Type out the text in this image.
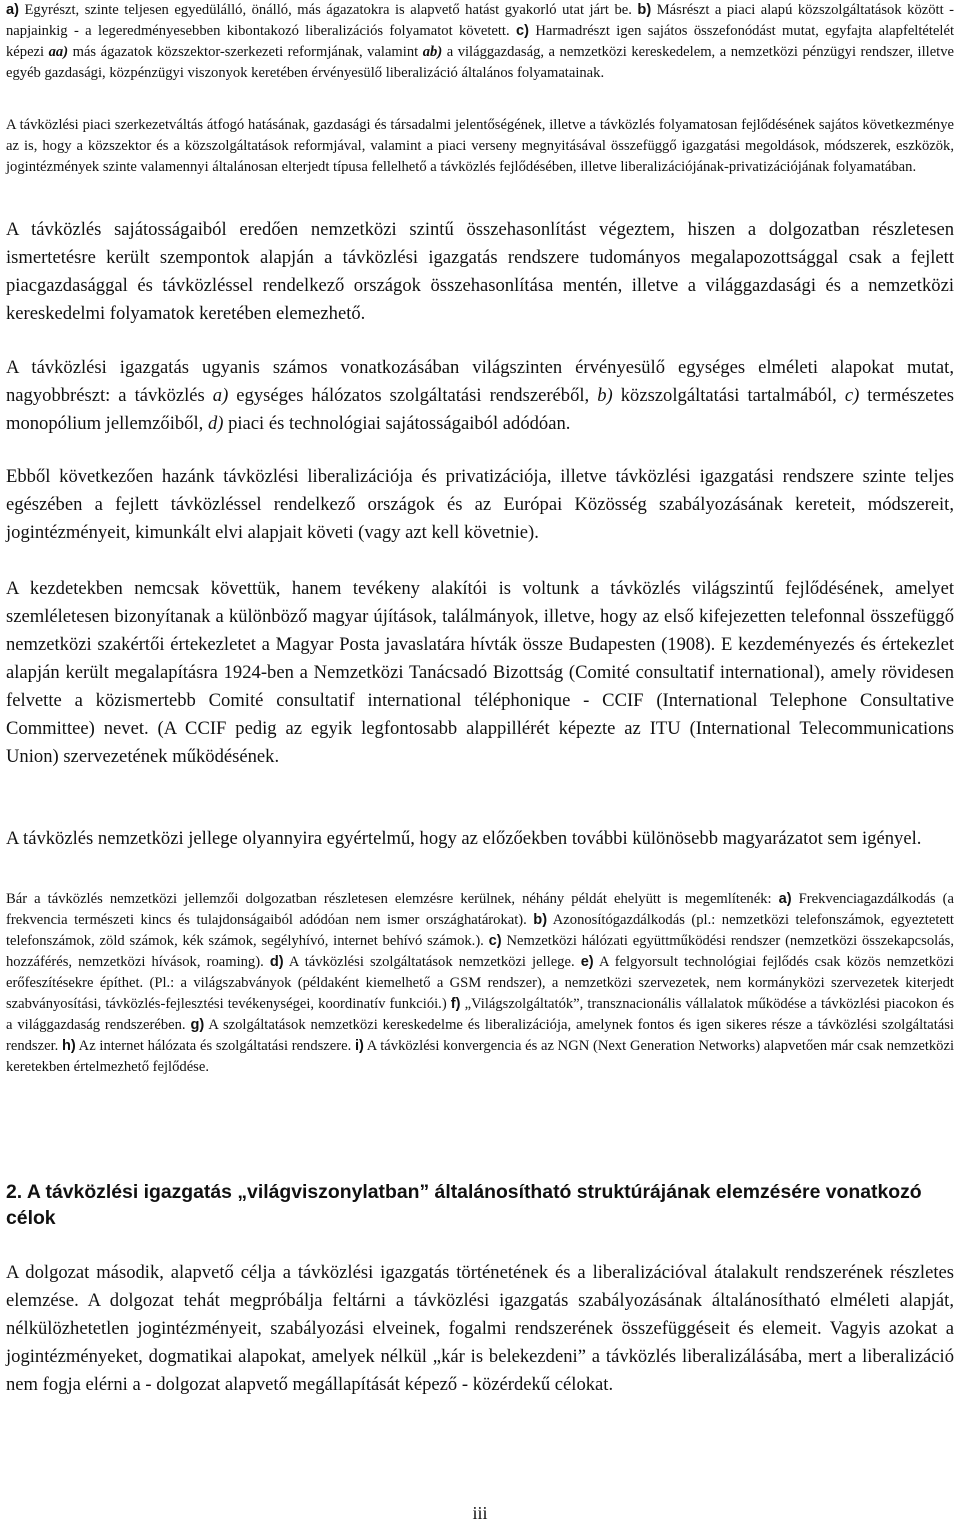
a) Egyrészt, szinte teljesen egyedülálló, önálló, más ágazatokra is alapvető hatást gyakorló utat járt be. b) Másrészt a piaci alapú közszolgáltatások között - napjainkig - a legeredményesebben kibontakozó liberalizációs folyamatot követett. c) Harmadrészt igen sajátos összefonódást mutat, egyfajta alapfeltételét képezi aa) más ágazatok közszektor-szerkezeti reformjának, valamint ab) a világgazdaság, a nemzetközi kereskedelem, a nemzetközi pénzügyi rendszer, illetve egyéb gazdasági, közpénzügyi viszonyok keretében érvényesülő liberalizáció általános folyamatainak.
A távközlési piaci szerkezetváltás átfogó hatásának, gazdasági és társadalmi jelentőségének, illetve a távközlés folyamatosan fejlődésének sajátos következménye az is, hogy a közszektor és a közszolgáltatások reformjával, valamint a piaci verseny megnyitásával összefüggő igazgatási megoldások, módszerek, eszközök, jogintézmények szinte valamennyi általánosan elterjedt típusa fellelhető a távközlés fejlődésében, illetve liberalizációjának-privatizációjának folyamatában.
A távközlés sajátosságaiból eredően nemzetközi szintű összehasonlítást végeztem, hiszen a dolgozatban részletesen ismertetésre került szempontok alapján a távközlési igazgatás rendszere tudományos megalapozottsággal csak a fejlett piacgazdasággal és távközléssel rendelkező országok összehasonlítása mentén, illetve a világgazdasági és a nemzetközi kereskedelmi folyamatok keretében elemezhető.
A távközlési igazgatás ugyanis számos vonatkozásában világszinten érvényesülő egységes elméleti alapokat mutat, nagyobbrészt: a távközlés a) egységes hálózatos szolgáltatási rendszeréből, b) közszolgáltatási tartalmából, c) természetes monopólium jellemzőiből, d) piaci és technológiai sajátosságaiból adódóan.
Ebből következően hazánk távközlési liberalizációja és privatizációja, illetve távközlési igazgatási rendszere szinte teljes egészében a fejlett távközléssel rendelkező országok és az Európai Közösség szabályozásának kereteit, módszereit, jogintézményeit, kimunkált elvi alapjait követi (vagy azt kell követnie).
A kezdetekben nemcsak követtük, hanem tevékeny alakítói is voltunk a távközlés világszintű fejlődésének, amelyet szemléletesen bizonyítanak a különböző magyar újítások, találmányok, illetve, hogy az első kifejezetten telefonnal összefüggő nemzetközi szakértői értekezletet a Magyar Posta javaslatára hívták össze Budapesten (1908). E kezdeményezés és értekezlet alapján került megalapításra 1924-ben a Nemzetközi Tanácsadó Bizottság (Comité consultatif international), amely rövidesen felvette a közismertebb Comité consultatif international téléphonique - CCIF (International Telephone Consultative Committee) nevet. (A CCIF pedig az egyik legfontosabb alappillérét képezte az ITU (International Telecommunications Union) szervezetének működésének.
A távközlés nemzetközi jellege olyannyira egyértelmű, hogy az előzőekben további különösebb magyarázatot sem igényel.
Bár a távközlés nemzetközi jellemzői dolgozatban részletesen elemzésre kerülnek, néhány példát ehelyütt is megemlítenék: a) Frekvenciagazdálkodás (a frekvencia természeti kincs és tulajdonságaiból adódóan nem ismer országhatárokat). b) Azonosítógazdálkodás (pl.: nemzetközi telefonszámok, egyeztetett telefonszámok, zöld számok, kék számok, segélyhívó, internet behívó számok.). c) Nemzetközi hálózati együttműködési rendszer (nemzetközi összekapcsolás, hozzáférés, nemzetközi hívások, roaming). d) A távközlési szolgáltatások nemzetközi jellege. e) A felgyorsult technológiai fejlődés csak közös nemzetközi erőfeszítésekre építhet. (Pl.: a világszabványok (példaként kiemelhető a GSM rendszer), a nemzetközi szervezetek, nem kormányközi szervezetek kiterjedt szabványosítási, távközlés-fejlesztési tevékenységei, koordinatív funkciói.) f) „Világszolgáltatók”, transznacionális vállalatok működése a távközlési piacokon és a világgazdaság rendszerében. g) A szolgáltatások nemzetközi kereskedelme és liberalizációja, amelynek fontos és igen sikeres része a távközlési szolgáltatási rendszer. h) Az internet hálózata és szolgáltatási rendszere. i) A távközlési konvergencia és az NGN (Next Generation Networks) alapvetően már csak nemzetközi keretekben értelmezhető fejlődése.
2. A távközlési igazgatás „világviszonylatban” általánosítható struktúrájának elemzésére vonatkozó célok
A dolgozat második, alapvető célja a távközlési igazgatás történetének és a liberalizációval átalakult rendszerének részletes elemzése. A dolgozat tehát megpróbálja feltárni a távközlési igazgatás szabályozásának általánosítható elméleti alapját, nélkülözhetetlen jogintézményeit, szabályozási elveinek, fogalmi rendszerének összefüggéseit és elemeit. Vagyis azokat a jogintézményeket, dogmatikai alapokat, amelyek nélkül „kár is belekezdeni” a távközlés liberalizálásába, mert a liberalizáció nem fogja elérni a - dolgozat alapvető megállapítását képező - közérdekű célokat.
iii
